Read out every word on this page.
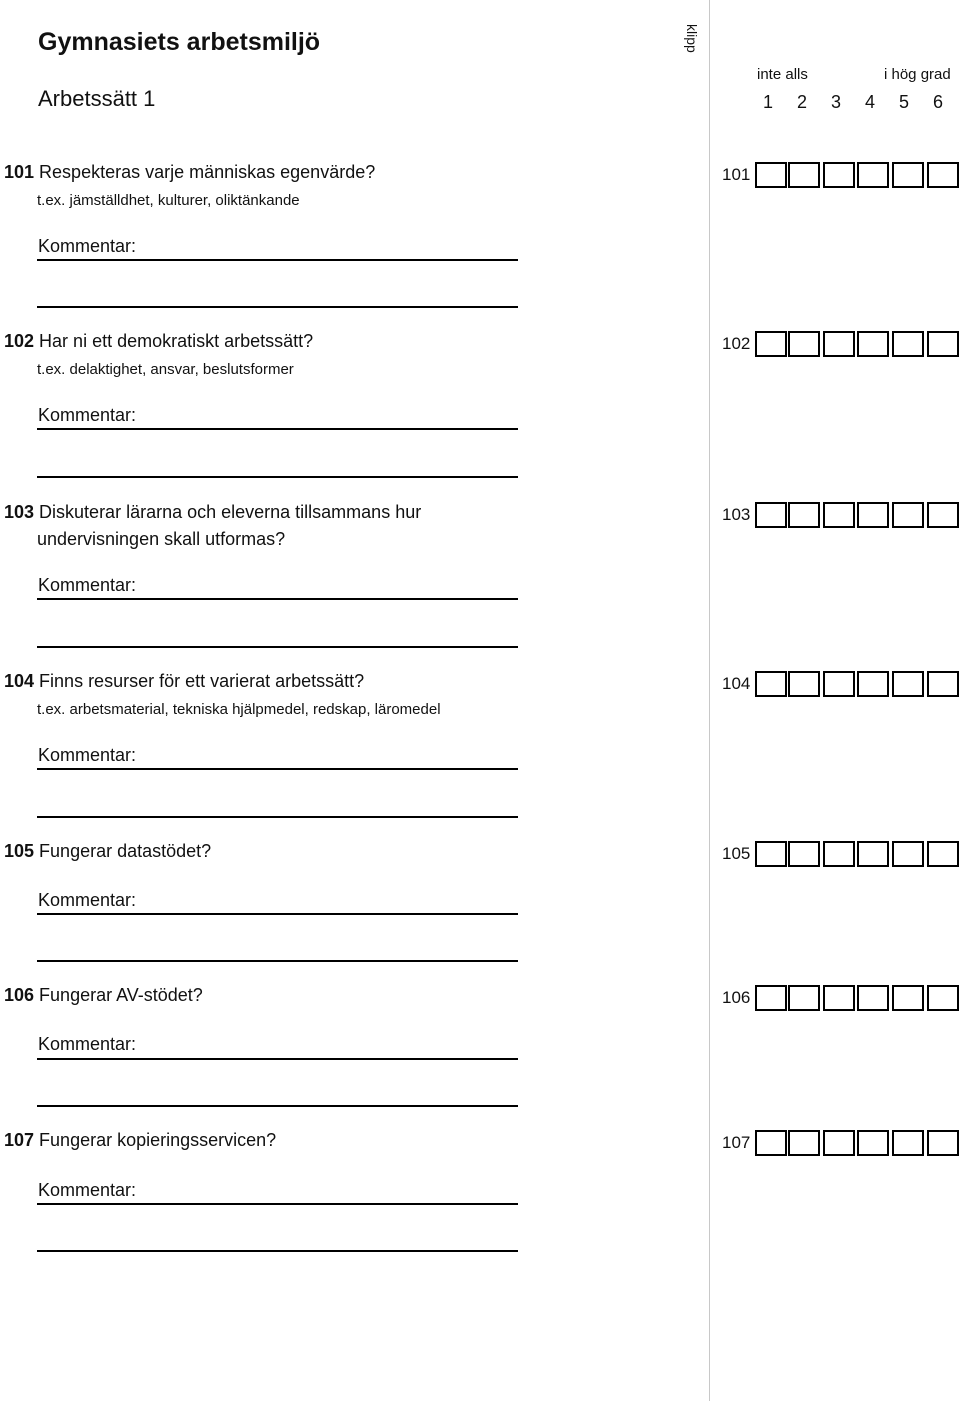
Gymnasiets arbetsmiljö
Arbetssätt 1
klipp
inte alls	i hög grad
1 2 3 4 5 6
101 Respekteras varje människas egenvärde?
t.ex. jämställdhet, kulturer, oliktänkande
101
Kommentar:
102 Har ni ett demokratiskt arbetssätt?
t.ex. delaktighet, ansvar, beslutsformer
102
Kommentar:
103 Diskuterar lärarna och eleverna tillsammans hur
undervisningen skall utformas?
103
Kommentar:
104 Finns resurser för ett varierat arbetssätt?
t.ex. arbetsmaterial, tekniska hjälpmedel, redskap, läromedel
104
Kommentar:
105 Fungerar datastödet?	105
Kommentar:
106 Fungerar AV-stödet?	106
Kommentar:
107 Fungerar kopieringsservicen?	107
Kommentar:
